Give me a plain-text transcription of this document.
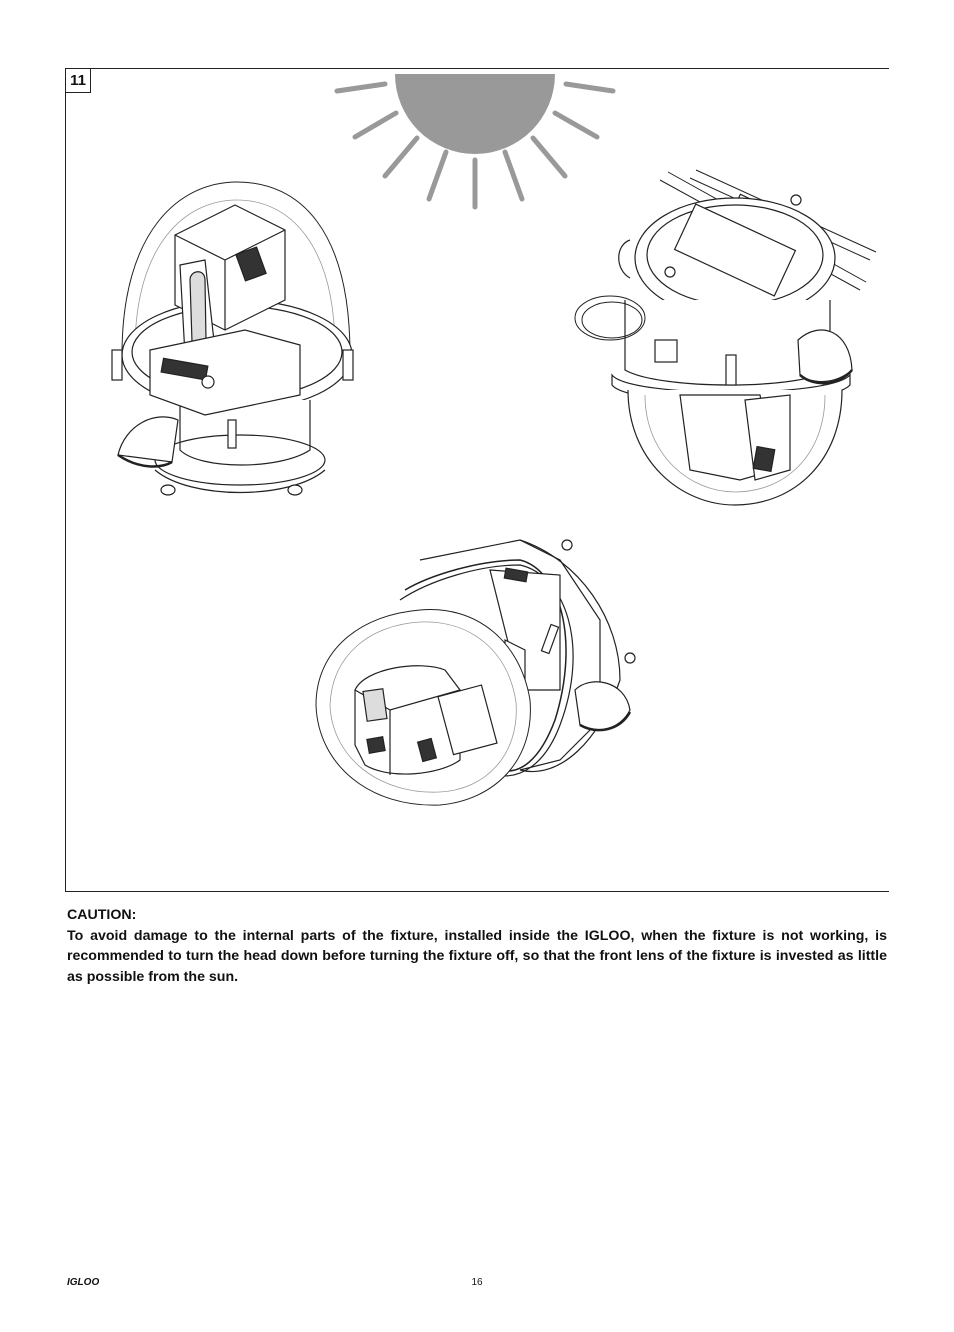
11
CAUTION:
To avoid damage to the internal parts of the fixture, installed inside the IGLOO, when the fixture is not working, is recommended to turn the head down before turning the fixture off, so that the front lens of the fixture is invested as little as possible from the sun.
IGLOO	16
